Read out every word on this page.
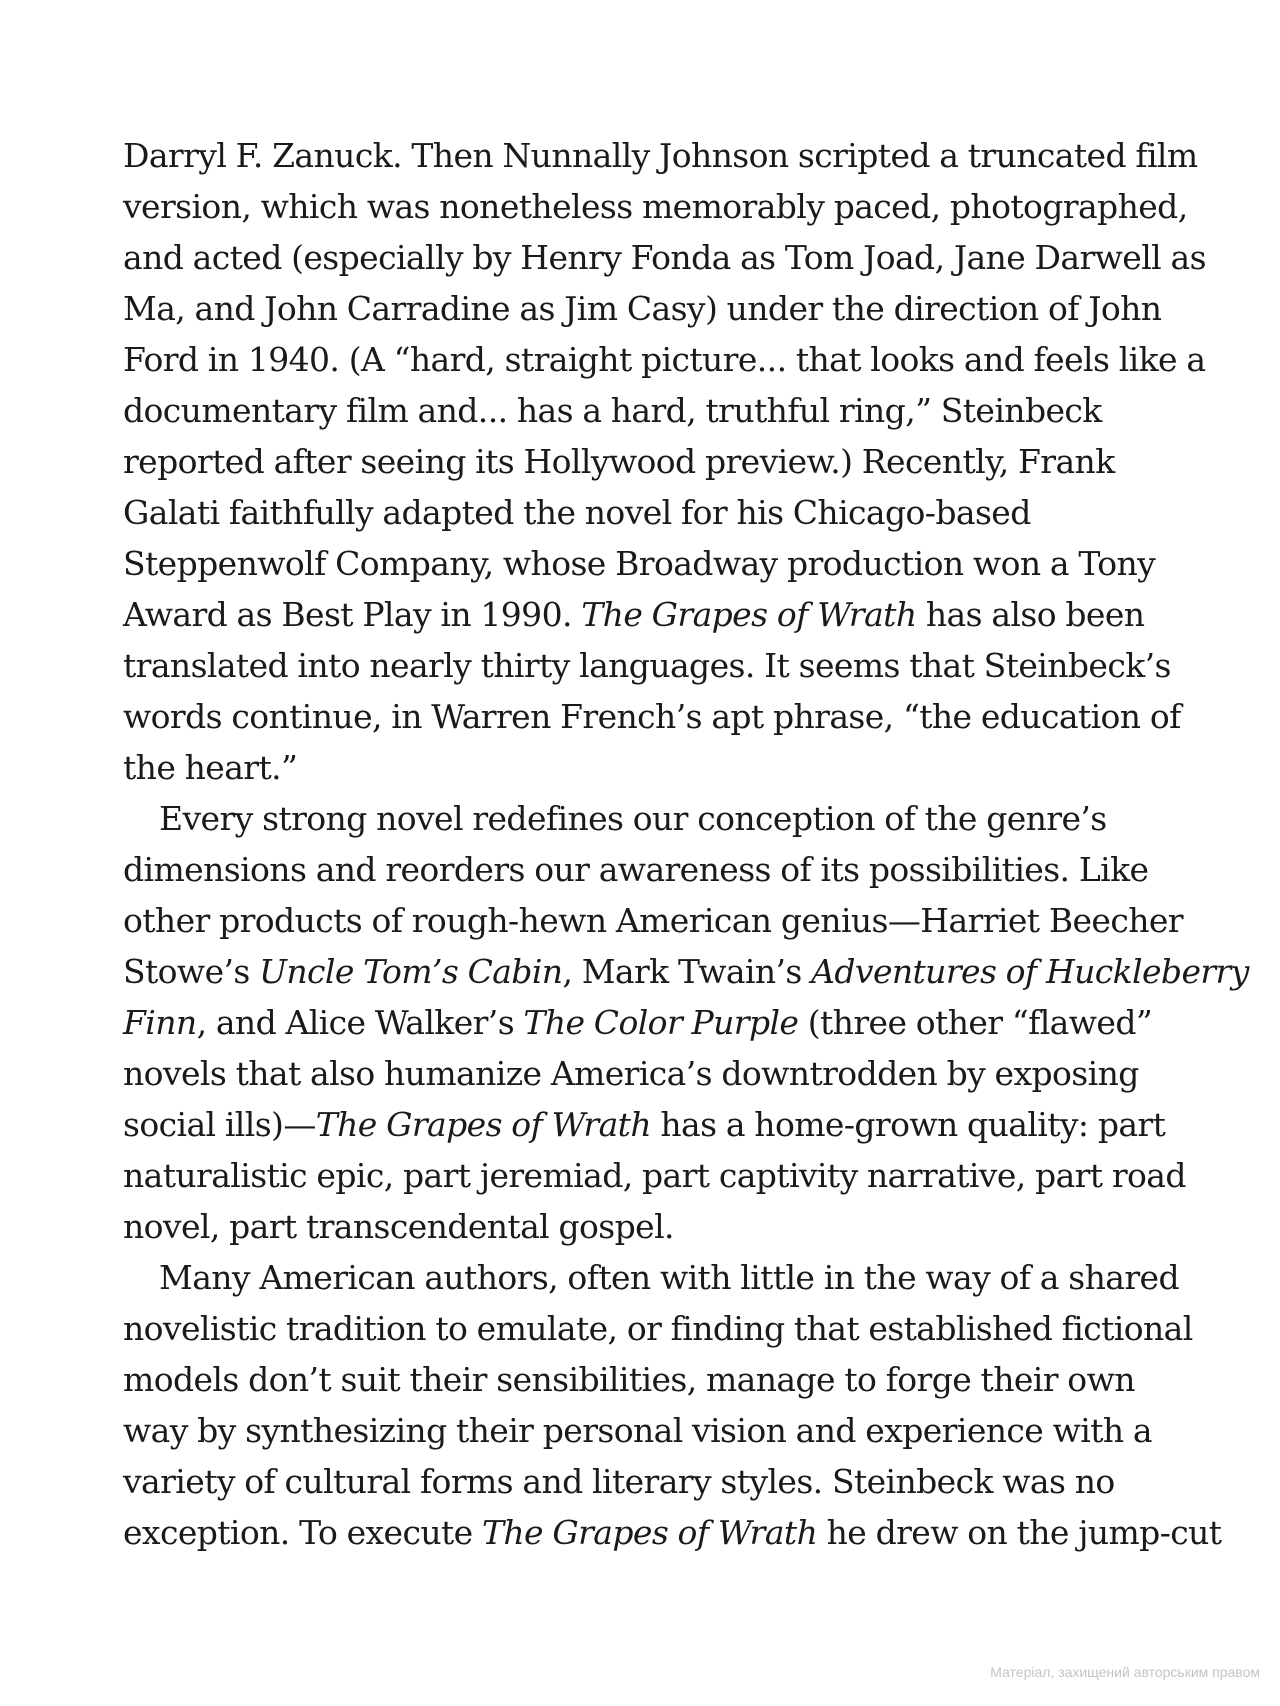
Darryl F. Zanuck. Then Nunnally Johnson scripted a truncated film
version, which was nonetheless memorably paced, photographed,
and acted (especially by Henry Fonda as Tom Joad, Jane Darwell as
Ma, and John Carradine as Jim Casy) under the direction of John
Ford in 1940. (A “hard, straight picture... that looks and feels like a
documentary film and... has a hard, truthful ring,” Steinbeck
reported after seeing its Hollywood preview.) Recently, Frank
Galati faithfully adapted the novel for his Chicago-based
Steppenwolf Company, whose Broadway production won a Tony
Award as Best Play in 1990. The Grapes of Wrath has also been
translated into nearly thirty languages. It seems that Steinbeck’s
words continue, in Warren French’s apt phrase, “the education of
the heart.”
Every strong novel redefines our conception of the genre’s
dimensions and reorders our awareness of its possibilities. Like
other products of rough-hewn American genius—Harriet Beecher
Stowe’s Uncle Tom’s Cabin, Mark Twain’s Adventures of Huckleberry
Finn, and Alice Walker’s The Color Purple (three other “flawed”
novels that also humanize America’s downtrodden by exposing
social ills)—The Grapes of Wrath has a home-grown quality: part
naturalistic epic, part jeremiad, part captivity narrative, part road
novel, part transcendental gospel.
Many American authors, often with little in the way of a shared
novelistic tradition to emulate, or finding that established fictional
models don’t suit their sensibilities, manage to forge their own
way by synthesizing their personal vision and experience with a
variety of cultural forms and literary styles. Steinbeck was no
exception. To execute The Grapes of Wrath he drew on the jump-cut
Матеріал, захищений авторським правом
